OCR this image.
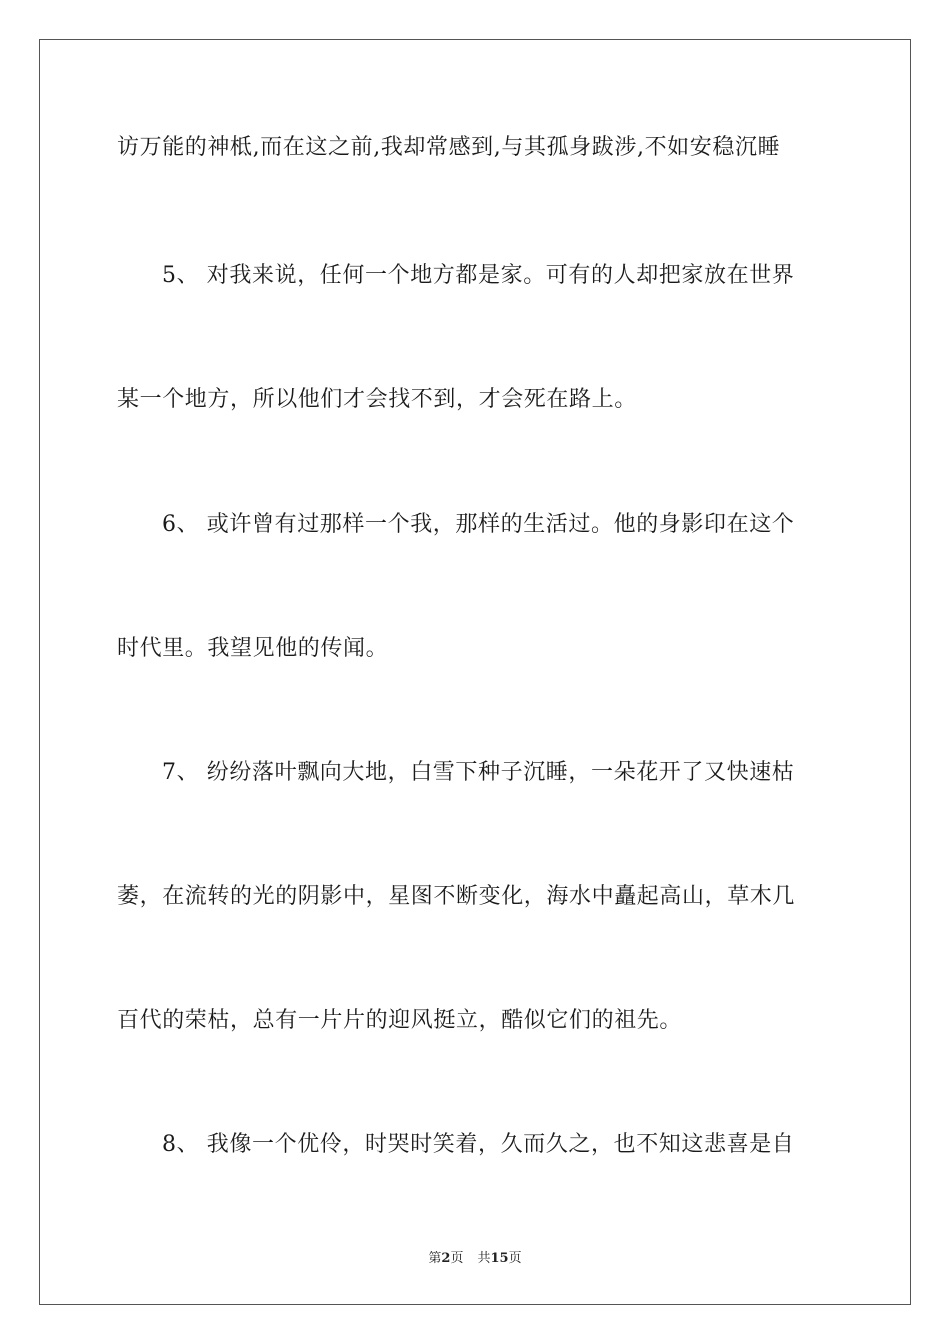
访万能的神柢,而在这之前,我却常感到,与其孤身跋涉,不如安稳沉睡
5、 对我来说，任何一个地方都是家。可有的人却把家放在世界
某一个地方，所以他们才会找不到，才会死在路上。
6、 或许曾有过那样一个我，那样的生活过。他的身影印在这个
时代里。我望见他的传闻。
7、 纷纷落叶飘向大地，白雪下种子沉睡，一朵花开了又快速枯
萎，在流转的光的阴影中，星图不断变化，海水中矗起高山，草木几
百代的荣枯，总有一片片的迎风挺立，酷似它们的祖先。
8、 我像一个优伶，时哭时笑着，久而久之，也不知这悲喜是自
第2页 共15页
